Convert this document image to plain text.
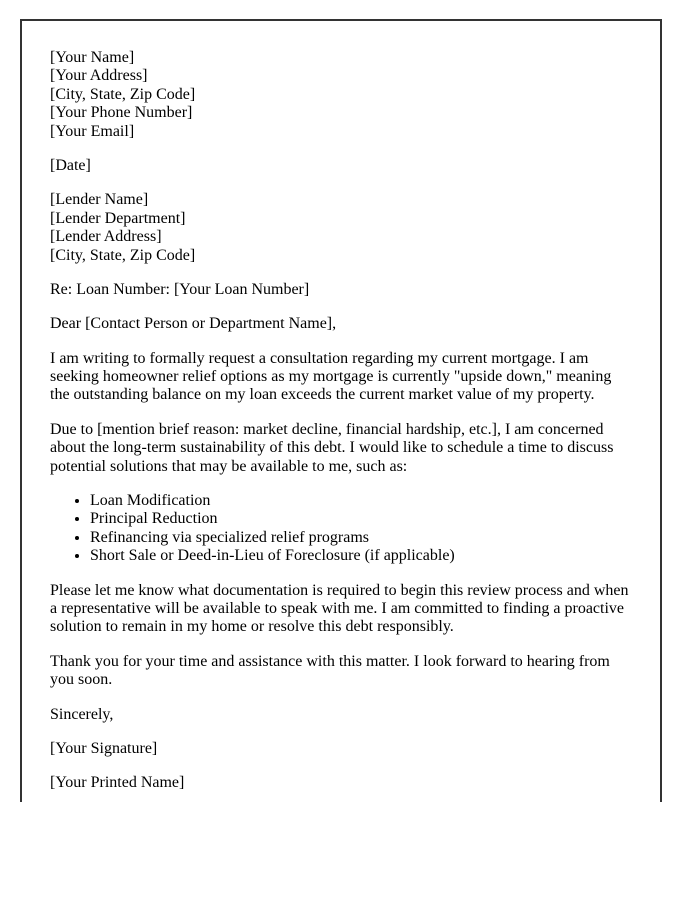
[Your Name]
[Your Address]
[City, State, Zip Code]
[Your Phone Number]
[Your Email]

[Date]

[Lender Name]
[Lender Department]
[Lender Address]
[City, State, Zip Code]

Re: Loan Number: [Your Loan Number]

Dear [Contact Person or Department Name],

I am writing to formally request a consultation regarding my current mortgage. I am seeking homeowner relief options as my mortgage is currently "upside down," meaning the outstanding balance on my loan exceeds the current market value of my property.

Due to [mention brief reason: market decline, financial hardship, etc.], I am concerned about the long-term sustainability of this debt. I would like to schedule a time to discuss potential solutions that may be available to me, such as:

• Loan Modification
• Principal Reduction
• Refinancing via specialized relief programs
• Short Sale or Deed-in-Lieu of Foreclosure (if applicable)

Please let me know what documentation is required to begin this review process and when a representative will be available to speak with me. I am committed to finding a proactive solution to remain in my home or resolve this debt responsibly.

Thank you for your time and assistance with this matter. I look forward to hearing from you soon.

Sincerely,

[Your Signature]

[Your Printed Name]
